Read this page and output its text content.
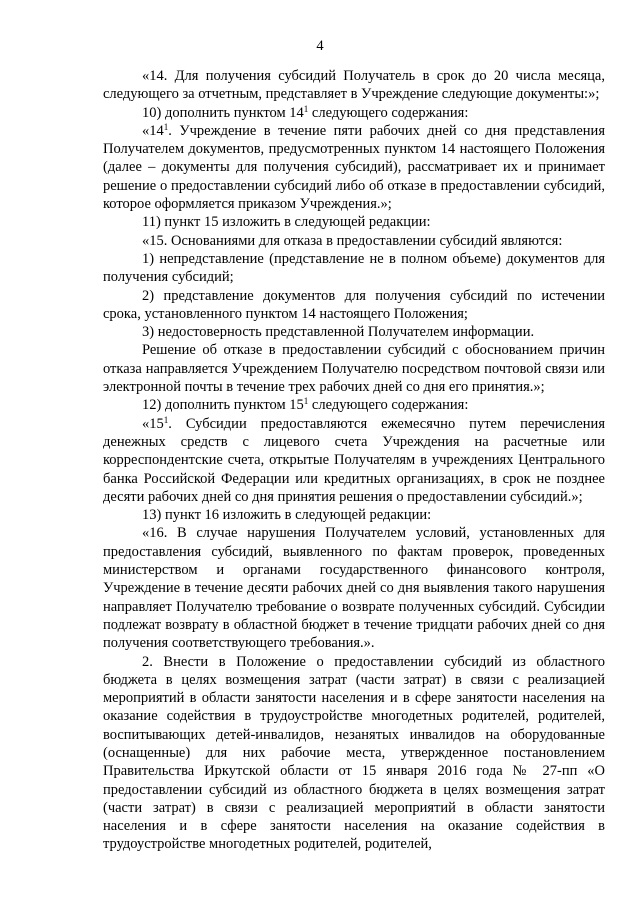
4

«14. Для получения субсидий Получатель в срок до 20 числа месяца, следующего за отчетным, представляет в Учреждение следующие документы:»;

10) дополнить пунктом $14^1$ следующего содержания:

«$14^1$. Учреждение в течение пяти рабочих дней со дня представления Получателем документов, предусмотренных пунктом 14 настоящего Положения (далее – документы для получения субсидий), рассматривает их и принимает решение о предоставлении субсидий либо об отказе в предоставлении субсидий, которое оформляется приказом Учреждения.»;

11) пункт 15 изложить в следующей редакции:

«15. Основаниями для отказа в предоставлении субсидий являются:

1) непредставление (представление не в полном объеме) документов для получения субсидий;

2) представление документов для получения субсидий по истечении срока, установленного пунктом 14 настоящего Положения;

3) недостоверность представленной Получателем информации.

Решение об отказе в предоставлении субсидий с обоснованием причин отказа направляется Учреждением Получателю посредством почтовой связи или электронной почты в течение трех рабочих дней со дня его принятия.»;

12) дополнить пунктом $15^1$ следующего содержания:

«$15^1$. Субсидии предоставляются ежемесячно путем перечисления денежных средств с лицевого счета Учреждения на расчетные или корреспондентские счета, открытые Получателям в учреждениях Центрального банка Российской Федерации или кредитных организациях, в срок не позднее десяти рабочих дней со дня принятия решения о предоставлении субсидий.»;

13) пункт 16 изложить в следующей редакции:

«16. В случае нарушения Получателем условий, установленных для предоставления субсидий, выявленного по фактам проверок, проведенных министерством и органами государственного финансового контроля, Учреждение в течение десяти рабочих дней со дня выявления такого нарушения направляет Получателю требование о возврате полученных субсидий. Субсидии подлежат возврату в областной бюджет в течение тридцати рабочих дней со дня получения соответствующего требования.».

2. Внести в Положение о предоставлении субсидий из областного бюджета в целях возмещения затрат (части затрат) в связи с реализацией мероприятий в области занятости населения и в сфере занятости населения на оказание содействия в трудоустройстве многодетных родителей, родителей, воспитывающих детей-инвалидов, незанятых инвалидов на оборудованные (оснащенные) для них рабочие места, утвержденное постановлением Правительства Иркутской области от 15 января 2016 года № 27-пп «О предоставлении субсидий из областного бюджета в целях возмещения затрат (части затрат) в связи с реализацией мероприятий в области занятости населения и в сфере занятости населения на оказание содействия в трудоустройстве многодетных родителей, родителей,
